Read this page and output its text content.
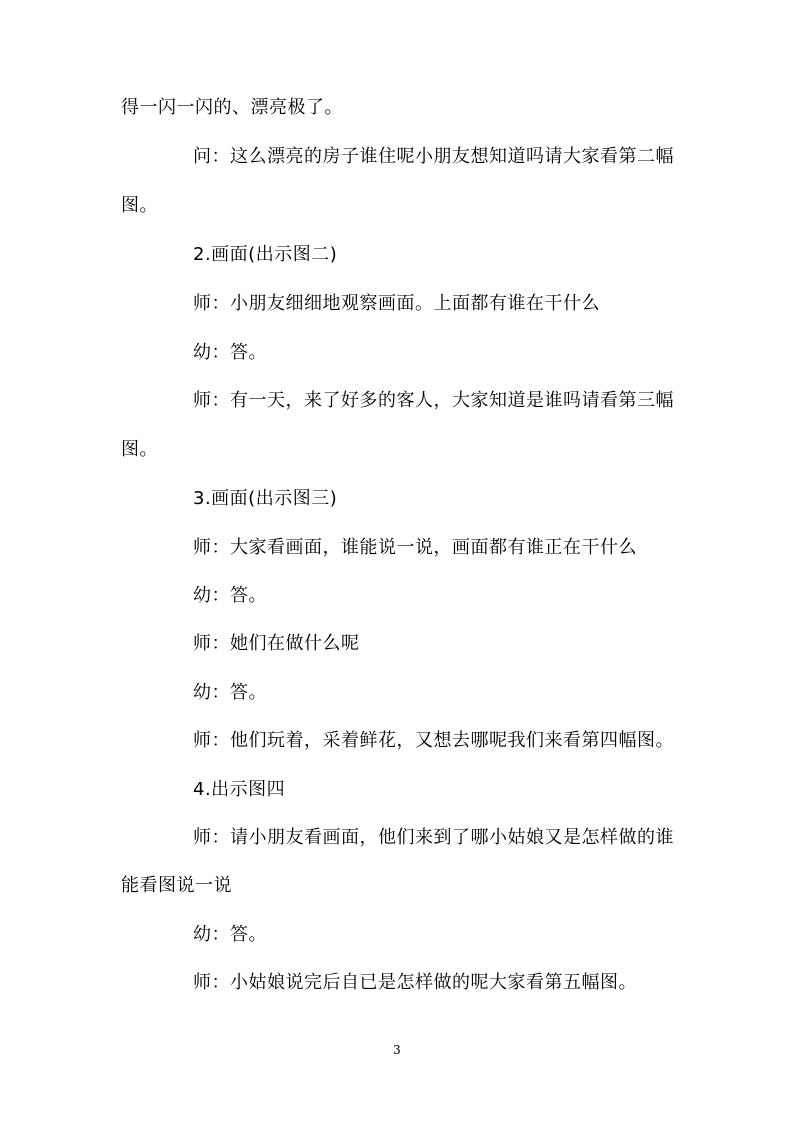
得一闪一闪的、漂亮极了。
问：这么漂亮的房子谁住呢小朋友想知道吗请大家看第二幅
图。
2.画面(出示图二)
师：小朋友细细地观察画面。上面都有谁在干什么
幼：答。
师：有一天，来了好多的客人，大家知道是谁吗请看第三幅
图。
3.画面(出示图三)
师：大家看画面，谁能说一说，画面都有谁正在干什么
幼：答。
师：她们在做什么呢
幼：答。
师：他们玩着，采着鲜花，又想去哪呢我们来看第四幅图。
4.出示图四
师：请小朋友看画面，他们来到了哪小姑娘又是怎样做的谁
能看图说一说
幼：答。
师：小姑娘说完后自已是怎样做的呢大家看第五幅图。
3
